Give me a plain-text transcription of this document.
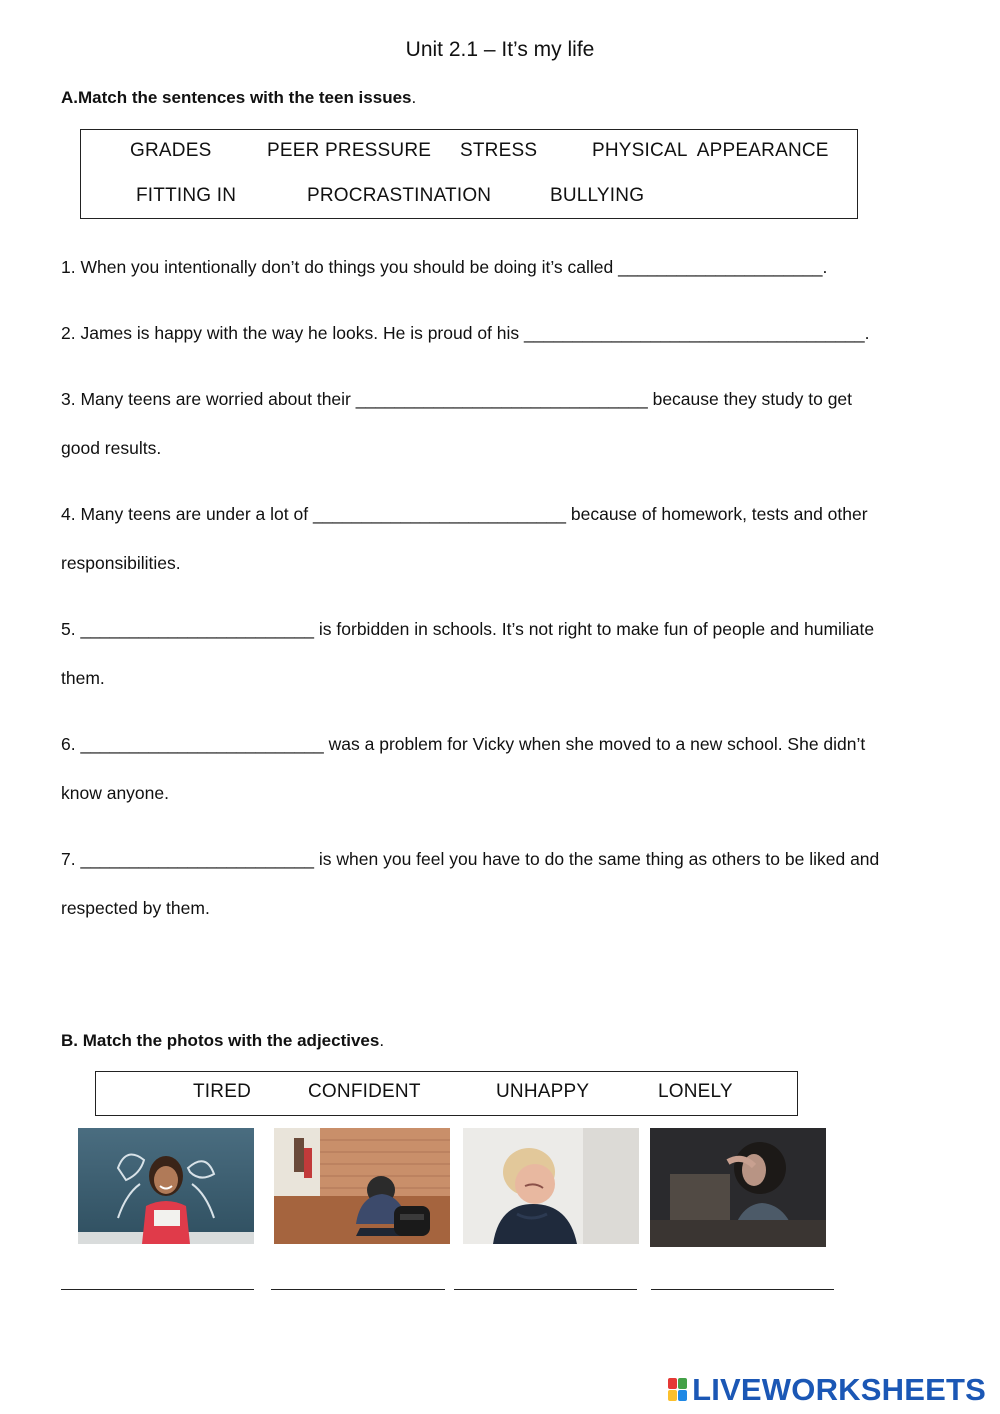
Unit 2.1 – It’s my life
A.Match the sentences with the teen issues.
GRADES	PEER PRESSURE STRESS	PHYSICAL  APPEARANCE
FITTING IN	PROCRASTINATION	BULLYING
1. When you intentionally don’t do things you should be doing it’s called _____________________.
2. James is happy with the way he looks. He is proud of his ___________________________________.
3. Many teens are worried about their ______________________________ because they study to get
good results.
4. Many teens are under a lot of __________________________ because of homework, tests and other
responsibilities.
5. ________________________ is forbidden in schools. It’s not right to make fun of people and humiliate
them.
6. _________________________ was a problem for Vicky when she moved to a new school. She didn’t
know anyone.
7. ________________________ is when you feel you have to do the same thing as others to be liked and
respected by them.
B. Match the photos with the adjectives.
TIRED	CONFIDENT	UNHAPPY	LONELY
LIVEWORKSHEETS
